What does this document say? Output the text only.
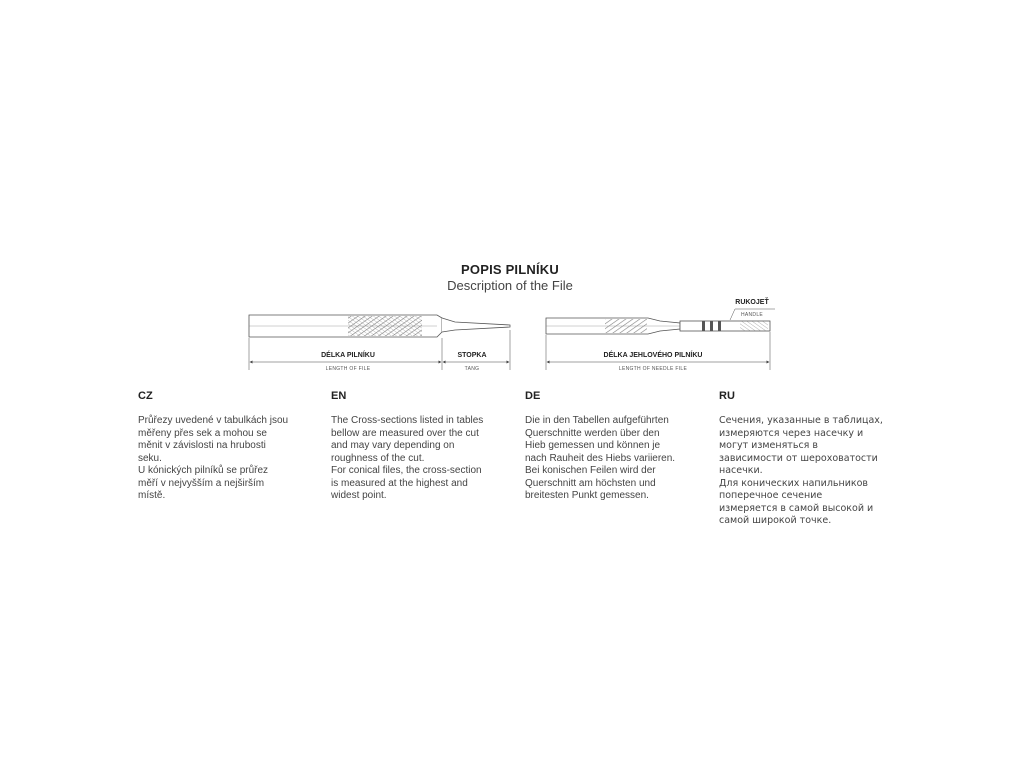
POPIS PILNÍKU
Description of the File
DÉLKA PILNÍKU
LENGTH OF FILE
STOPKA
TANG
RUKOJEŤ
HANDLE
DÉLKA JEHLOVÉHO PILNÍKU
LENGTH OF NEEDLE FILE
CZ
Průřezy uvedené v tabulkách jsou
měřeny přes sek a mohou se
měnit v závislosti na hrubosti
seku.
U kónických pilníků se průřez
měří v nejvyšším a nejširším
místě.
EN
The Cross-sections listed in tables
bellow are measured over the cut
and may vary depending on
roughness of the cut.
For conical files, the cross-section
is measured at the highest and
widest point.
DE
Die in den Tabellen aufgeführten
Querschnitte werden über den
Hieb gemessen und können je
nach Rauheit des Hiebs variieren.
Bei konischen Feilen wird der
Querschnitt am höchsten und
breitesten Punkt gemessen.
RU
Сечения, указанные в таблицах,
измеряются через насечку и
могут изменяться в
зависимости от шероховатости
насечки.
Для конических напильников
поперечное сечение
измеряется в самой высокой и
самой широкой точке.
